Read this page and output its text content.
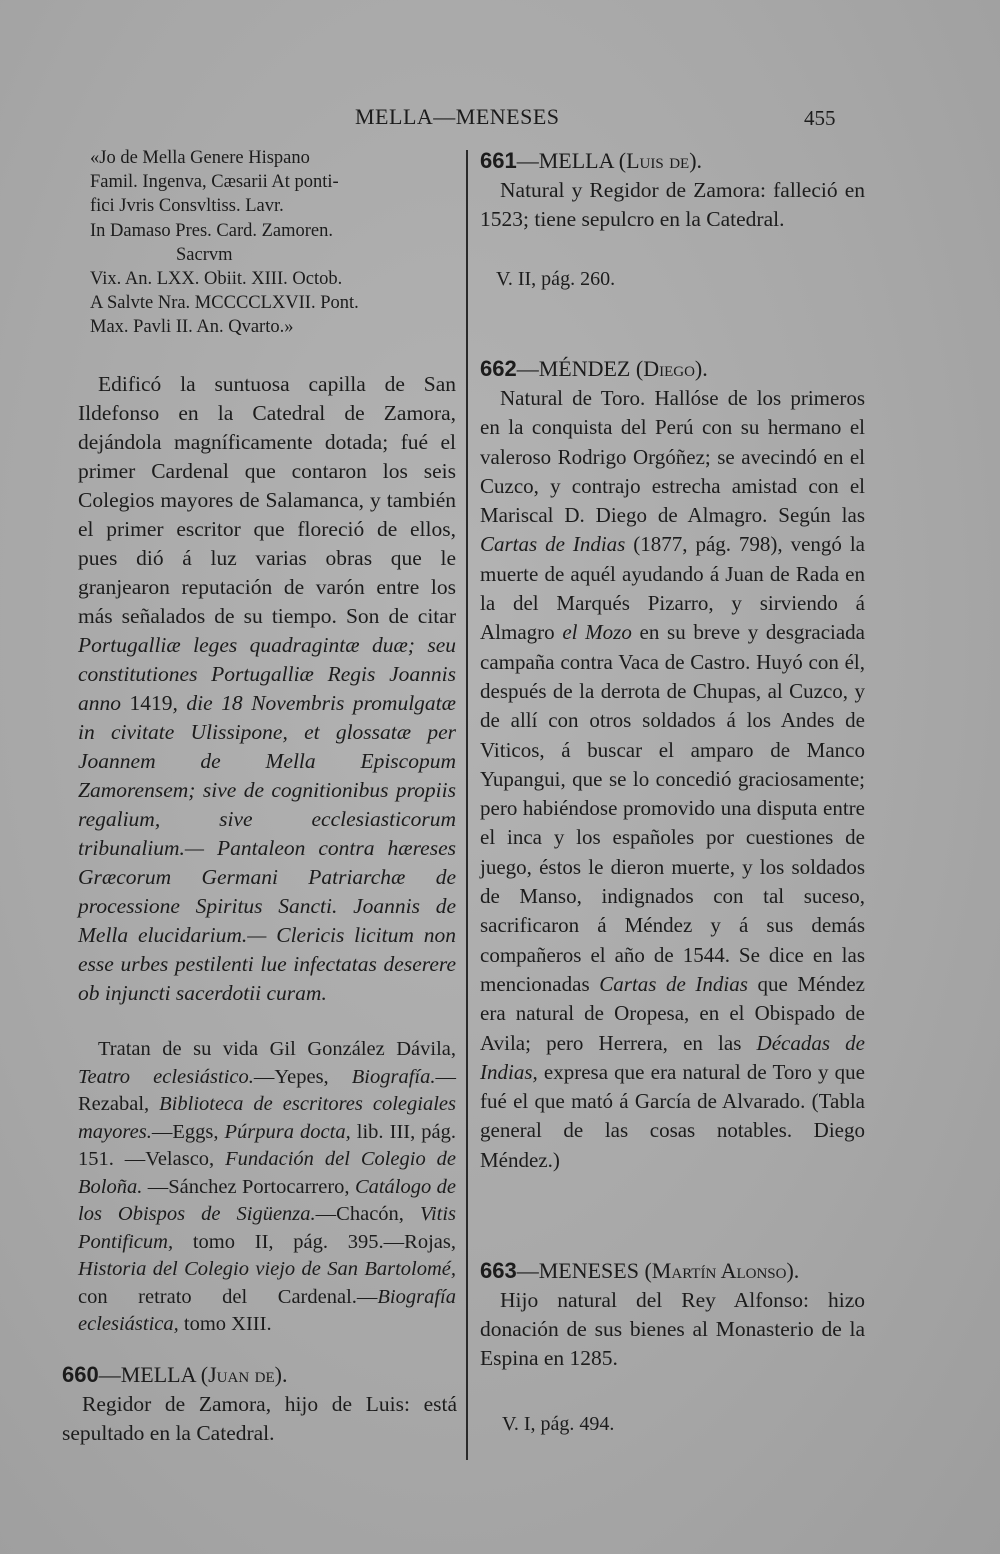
MELLA—MENESES	455
«Jo de Mella Genere Hispano
Famil. Ingenva, Cæsarii At ponti-
fici Jvris Consvltiss. Lavr.
In Damaso Pres. Card. Zamoren.
Sacrvm
Vix. An. LXX. Obiit. XIII. Octob.
A Salvte Nra. MCCCCLXVII. Pont.
Max. Pavli II. An. Qvarto.»

Edificó la suntuosa capilla de San Ildefonso en la Catedral de Zamora, dejándola magníficamente dotada; fué el primer Cardenal que contaron los seis Colegios mayores de Salamanca, y también el primer escritor que floreció de ellos, pues dió á luz varias obras que le granjearon reputación de varón entre los más señalados de su tiempo. Son de citar Portugalliæ leges quadragintæ duæ; seu constitutiones Portugalliæ Regis Joannis anno 1419, die 18 Novembris promulgatæ in civitate Ulissipone, et glossatæ per Joannem de Mella Episcopum Zamorensem; sive de cognitionibus propiis regalium, sive ecclesiasticorum tribunalium.— Pantaleon contra hæreses Græcorum Germani Patriarchæ de processione Spiritus Sancti. Joannis de Mella elucidarium.— Clericis licitum non esse urbes pestilenti lue infectatas deserere ob injuncti sacerdotii curam.

Tratan de su vida Gil González Dávila, Teatro eclesiástico.—Yepes, Biografía.—Rezabal, Biblioteca de escritores colegiales mayores.—Eggs, Púrpura docta, lib. III, pág. 151. —Velasco, Fundación del Colegio de Boloña. —Sánchez Portocarrero, Catálogo de los Obispos de Sigüenza.—Chacón, Vitis Pontificum, tomo II, pág. 395.—Rojas, Historia del Colegio viejo de San Bartolomé, con retrato del Cardenal.—Biografía eclesiástica, tomo XIII.

660—MELLA (Juan de).
Regidor de Zamora, hijo de Luis: está sepultado en la Catedral.
661—MELLA (Luis de).
Natural y Regidor de Zamora: falleció en 1523; tiene sepulcro en la Catedral.
V. II, pág. 260.
662—MÉNDEZ (Diego).

Natural de Toro. Hallóse de los primeros en la conquista del Perú con su hermano el valeroso Rodrigo Orgóñez; se avecindó en el Cuzco, y contrajo estrecha amistad con el Mariscal D. Diego de Almagro. Según las Cartas de Indias (1877, pág. 798), vengó la muerte de aquél ayudando á Juan de Rada en la del Marqués Pizarro, y sirviendo á Almagro el Mozo en su breve y desgraciada campaña contra Vaca de Castro. Huyó con él, después de la derrota de Chupas, al Cuzco, y de allí con otros soldados á los Andes de Viticos, á buscar el amparo de Manco Yupangui, que se lo concedió graciosamente; pero habiéndose promovido una disputa entre el inca y los españoles por cuestiones de juego, éstos le dieron muerte, y los soldados de Manso, indignados con tal suceso, sacrificaron á Méndez y á sus demás compañeros el año de 1544. Se dice en las mencionadas Cartas de Indias que Méndez era natural de Oropesa, en el Obispado de Avila; pero Herrera, en las Décadas de Indias, expresa que era natural de Toro y que fué el que mató á García de Alvarado. (Tabla general de las cosas notables. Diego Méndez.)

663—MENESES (Martín Alonso).
Hijo natural del Rey Alfonso: hizo donación de sus bienes al Monasterio de la Espina en 1285.
V. I, pág. 494.
